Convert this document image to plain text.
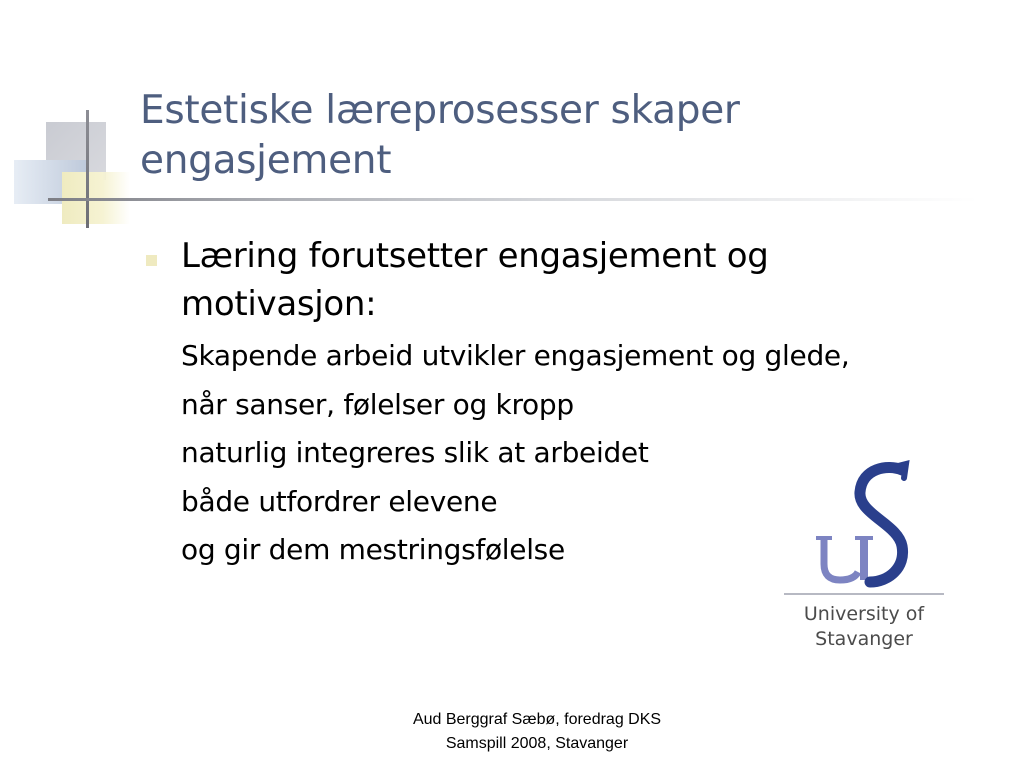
Estetiske læreprosesser skaper
engasjement
Læring forutsetter engasjement og
motivasjon:
Skapende arbeid utvikler engasjement og glede,
når sanser, følelser og kropp
naturlig integreres slik at arbeidet
både utfordrer elevene
og gir dem mestringsfølelse
University of
Stavanger
Aud Berggraf Sæbø, foredrag DKS
Samspill 2008, Stavanger
